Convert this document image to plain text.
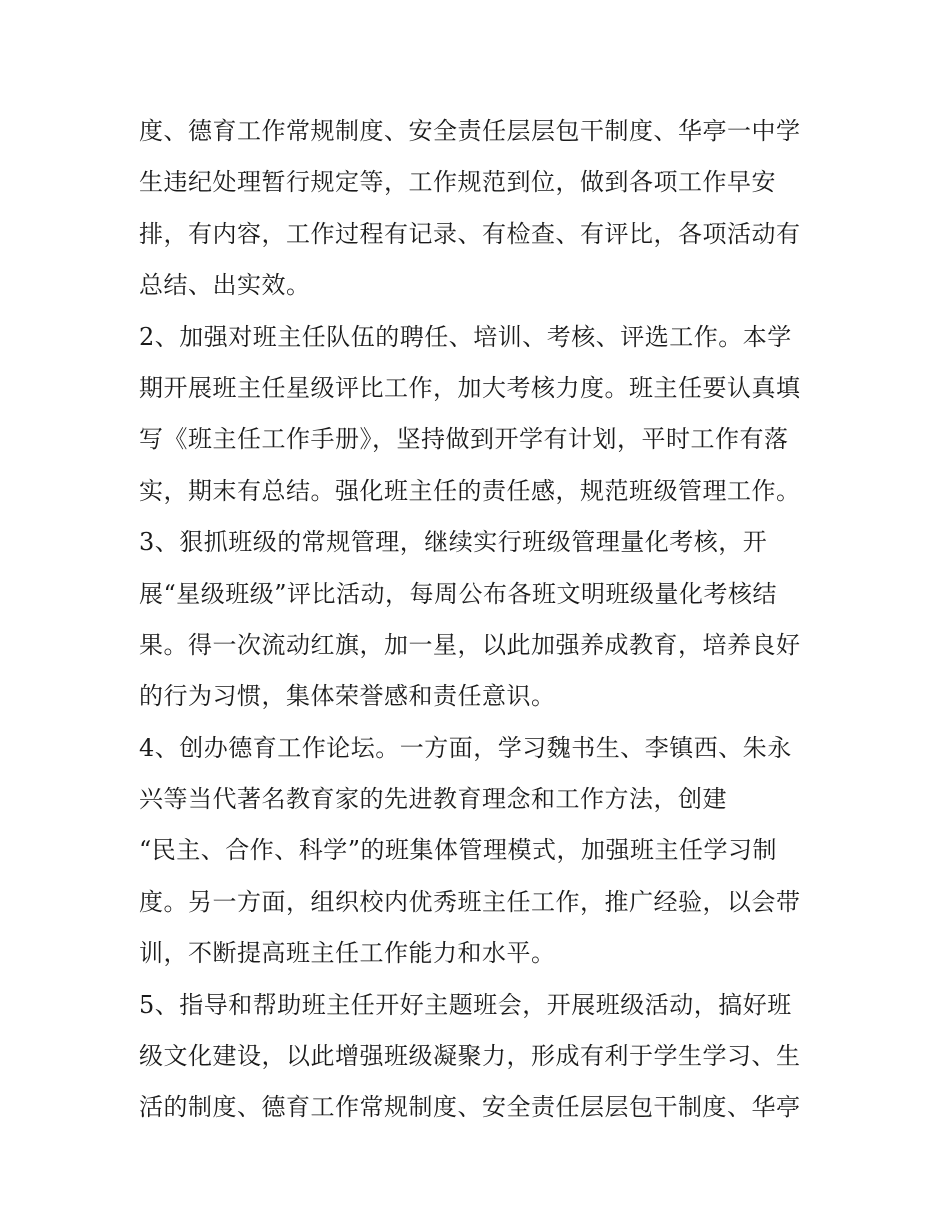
度、德育工作常规制度、安全责任层层包干制度、华亭一中学
生违纪处理暂行规定等，工作规范到位，做到各项工作早安
排，有内容，工作过程有记录、有检查、有评比，各项活动有
总结、出实效。
2、加强对班主任队伍的聘任、培训、考核、评选工作。本学
期开展班主任星级评比工作，加大考核力度。班主任要认真填
写《班主任工作手册》，坚持做到开学有计划，平时工作有落
实，期末有总结。强化班主任的责任感，规范班级管理工作。
3、狠抓班级的常规管理，继续实行班级管理量化考核，开
展“星级班级”评比活动，每周公布各班文明班级量化考核结
果。得一次流动红旗，加一星，以此加强养成教育，培养良好
的行为习惯，集体荣誉感和责任意识。
4、创办德育工作论坛。一方面，学习魏书生、李镇西、朱永
兴等当代著名教育家的先进教育理念和工作方法，创建
“民主、合作、科学”的班集体管理模式，加强班主任学习制
度。另一方面，组织校内优秀班主任工作，推广经验，以会带
训，不断提高班主任工作能力和水平。
5、指导和帮助班主任开好主题班会，开展班级活动，搞好班
级文化建设，以此增强班级凝聚力，形成有利于学生学习、生
活的制度、德育工作常规制度、安全责任层层包干制度、华亭
